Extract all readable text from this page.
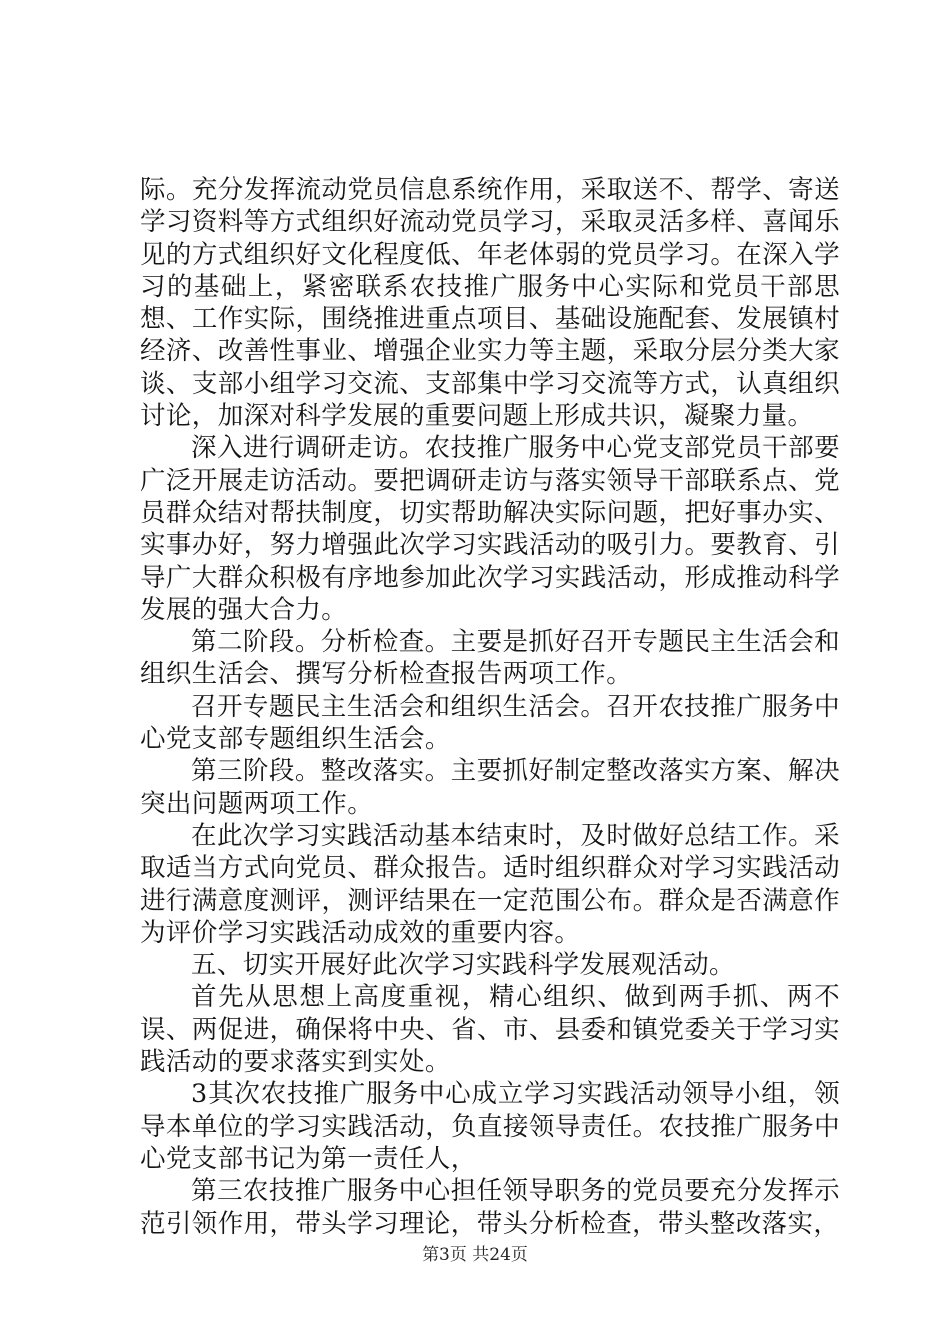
际。充分发挥流动党员信息系统作用，采取送不、帮学、寄送学习资料等方式组织好流动党员学习，采取灵活多样、喜闻乐见的方式组织好文化程度低、年老体弱的党员学习。在深入学习的基础上，紧密联系农技推广服务中心实际和党员干部思想、工作实际，围绕推进重点项目、基础设施配套、发展镇村经济、改善性事业、增强企业实力等主题，采取分层分类大家谈、支部小组学习交流、支部集中学习交流等方式，认真组织讨论，加深对科学发展的重要问题上形成共识，凝聚力量。

深入进行调研走访。农技推广服务中心党支部党员干部要广泛开展走访活动。要把调研走访与落实领导干部联系点、党员群众结对帮扶制度，切实帮助解决实际问题，把好事办实、实事办好，努力增强此次学习实践活动的吸引力。要教育、引导广大群众积极有序地参加此次学习实践活动，形成推动科学发展的强大合力。

第二阶段。分析检查。主要是抓好召开专题民主生活会和组织生活会、撰写分析检查报告两项工作。

召开专题民主生活会和组织生活会。召开农技推广服务中心党支部专题组织生活会。

第三阶段。整改落实。主要抓好制定整改落实方案、解决突出问题两项工作。

在此次学习实践活动基本结束时，及时做好总结工作。采取适当方式向党员、群众报告。适时组织群众对学习实践活动进行满意度测评，测评结果在一定范围公布。群众是否满意作为评价学习实践活动成效的重要内容。

五、切实开展好此次学习实践科学发展观活动。

首先从思想上高度重视，精心组织、做到两手抓、两不误、两促进，确保将中央、省、市、县委和镇党委关于学习实践活动的要求落实到实处。

3其次农技推广服务中心成立学习实践活动领导小组，领导本单位的学习实践活动，负直接领导责任。农技推广服务中心党支部书记为第一责任人，

第三农技推广服务中心担任领导职务的党员要充分发挥示范引领作用，带头学习理论，带头分析检查，带头整改落实，

第3页 共24页
